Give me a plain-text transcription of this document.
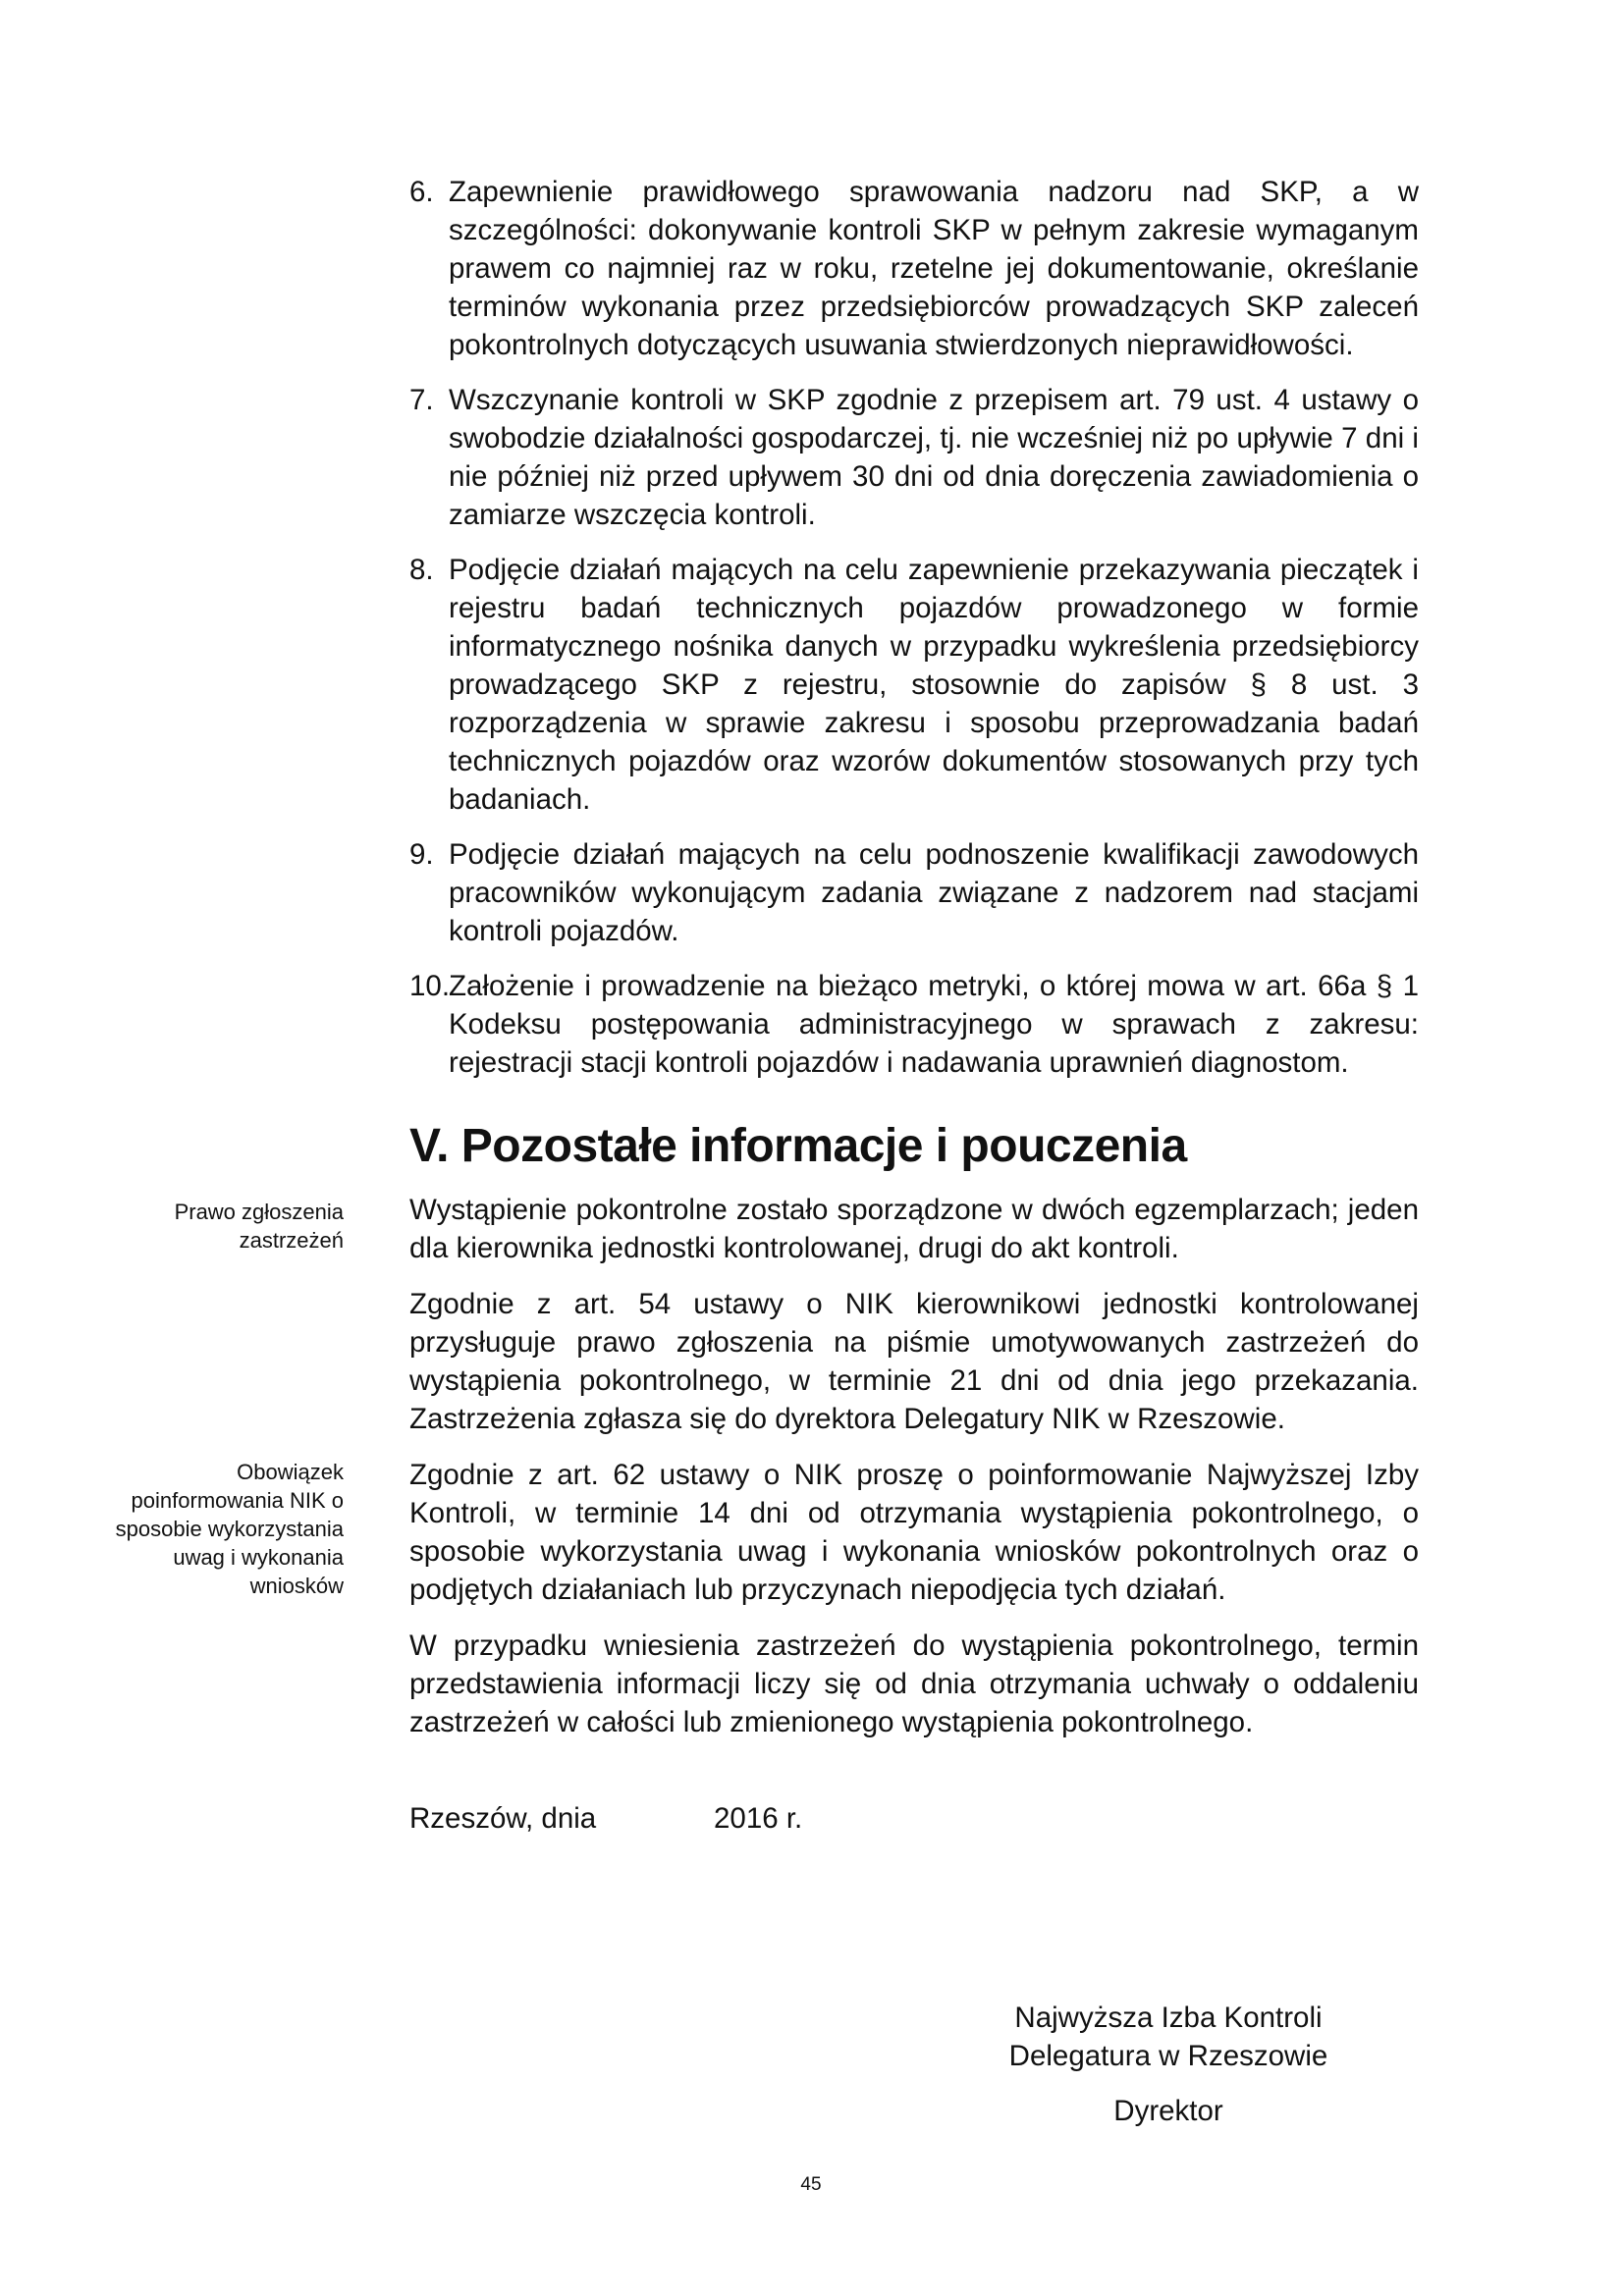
6. Zapewnienie prawidłowego sprawowania nadzoru nad SKP, a w szczególności: dokonywanie kontroli SKP w pełnym zakresie wymaganym prawem co najmniej raz w roku, rzetelne jej dokumentowanie, określanie terminów wykonania przez przedsiębiorców prowadzących SKP zaleceń pokontrolnych dotyczących usuwania stwierdzonych nieprawidłowości.
7. Wszczynanie kontroli w SKP zgodnie z przepisem art. 79 ust. 4 ustawy o swobodzie działalności gospodarczej, tj. nie wcześniej niż po upływie 7 dni i nie później niż przed upływem 30 dni od dnia doręczenia zawiadomienia o zamiarze wszczęcia kontroli.
8. Podjęcie działań mających na celu zapewnienie przekazywania pieczątek i rejestru badań technicznych pojazdów prowadzonego w formie informatycznego nośnika danych w przypadku wykreślenia przedsiębiorcy prowadzącego SKP z rejestru, stosownie do zapisów § 8 ust. 3 rozporządzenia w sprawie zakresu i sposobu przeprowadzania badań technicznych pojazdów oraz wzorów dokumentów stosowanych przy tych badaniach.
9. Podjęcie działań mających na celu podnoszenie kwalifikacji zawodowych pracowników wykonującym zadania związane z nadzorem nad stacjami kontroli pojazdów.
10.
Założenie i prowadzenie na bieżąco metryki, o której mowa w art. 66a § 1 Kodeksu postępowania administracyjnego w sprawach z zakresu: rejestracji stacji kontroli pojazdów i nadawania uprawnień diagnostom.
V. Pozostałe informacje i pouczenia
Prawo zgłoszenia zastrzeżeń
Obowiązek poinformowania NIK o sposobie wykorzystania uwag i wykonania wniosków

Wystąpienie pokontrolne zostało sporządzone w dwóch egzemplarzach; jeden dla kierownika jednostki kontrolowanej, drugi do akt kontroli.

Zgodnie z art. 54 ustawy o NIK kierownikowi jednostki kontrolowanej przysługuje prawo zgłoszenia na piśmie umotywowanych zastrzeżeń do wystąpienia pokontrolnego, w terminie 21 dni od dnia jego przekazania. Zastrzeżenia zgłasza się do dyrektora Delegatury NIK w Rzeszowie.

Zgodnie z art. 62 ustawy o NIK proszę o poinformowanie Najwyższej Izby Kontroli, w terminie 14 dni od otrzymania wystąpienia pokontrolnego, o sposobie wykorzystania uwag i wykonania wniosków pokontrolnych oraz o podjętych działaniach lub przyczynach niepodjęcia tych działań.

W przypadku wniesienia zastrzeżeń do wystąpienia pokontrolnego, termin przedstawienia informacji liczy się od dnia otrzymania uchwały o oddaleniu zastrzeżeń w całości lub zmienionego wystąpienia pokontrolnego.

Rzeszów, dnia	2016 r.
Najwyższa Izba Kontroli
Delegatura w Rzeszowie
Dyrektor
45
